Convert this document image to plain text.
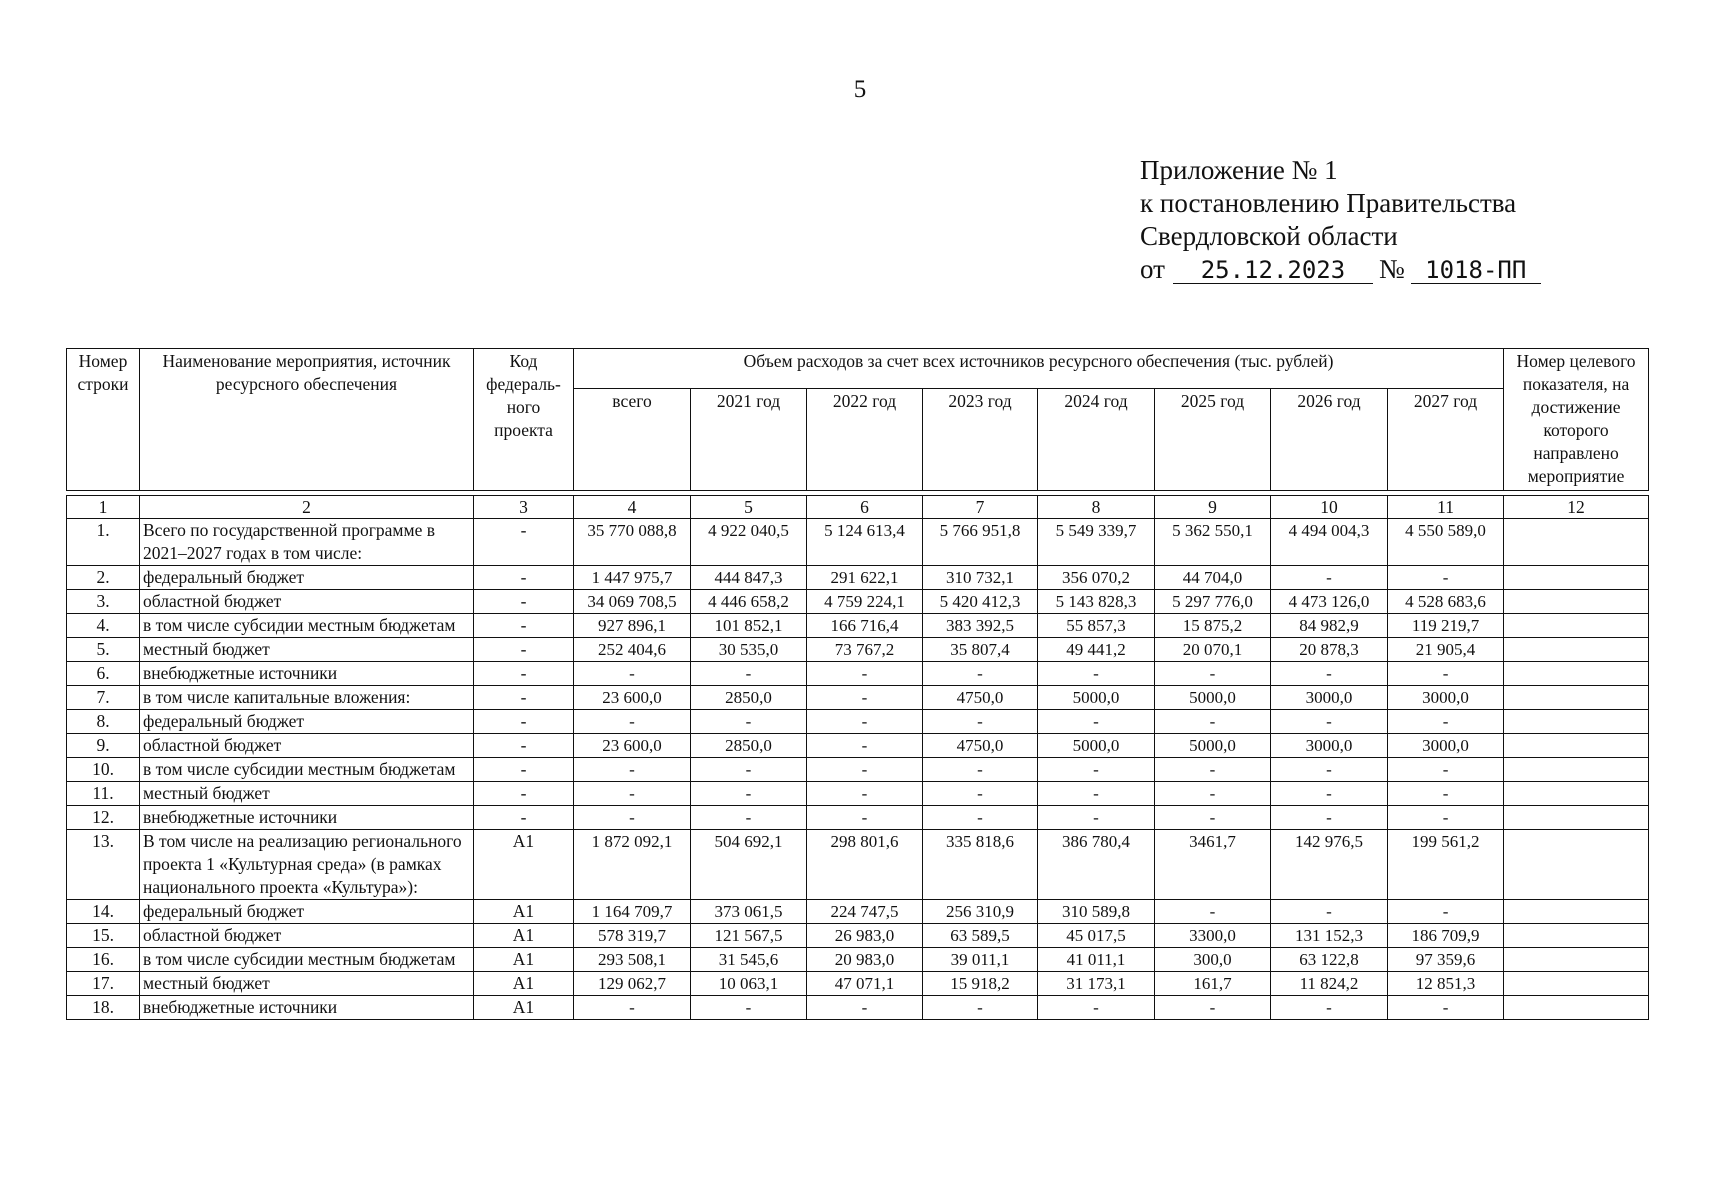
5
Приложение № 1
к постановлению Правительства
Свердловской области
от 25.12.2023 № 1018-ПП
Номер строки	Наименование мероприятия, источник ресурсного обеспечения	Код федераль-ного проекта	Объем расходов за счет всех источников ресурсного обеспечения (тыс. рублей)								Номер целевого показателя, на достижение которого направлено мероприятие
			всего	2021 год	2022 год	2023 год	2024 год	2025 год	2026 год	2027 год	

1	2	3	4	5	6	7	8	9	10	11	12
1.	Всего по государственной программе в 2021–2027 годах в том числе:	-	35 770 088,8	4 922 040,5	5 124 613,4	5 766 951,8	5 549 339,7	5 362 550,1	4 494 004,3	4 550 589,0	
2.	федеральный бюджет	-	1 447 975,7	444 847,3	291 622,1	310 732,1	356 070,2	44 704,0	-	-	
3.	областной бюджет	-	34 069 708,5	4 446 658,2	4 759 224,1	5 420 412,3	5 143 828,3	5 297 776,0	4 473 126,0	4 528 683,6	
4.	в том числе субсидии местным бюджетам	-	927 896,1	101 852,1	166 716,4	383 392,5	55 857,3	15 875,2	84 982,9	119 219,7	
5.	местный бюджет	-	252 404,6	30 535,0	73 767,2	35 807,4	49 441,2	20 070,1	20 878,3	21 905,4	
6.	внебюджетные источники	-	-	-	-	-	-	-	-	-	
7.	в том числе капитальные вложения:	-	23 600,0	2850,0	-	4750,0	5000,0	5000,0	3000,0	3000,0	
8.	федеральный бюджет	-	-	-	-	-	-	-	-	-	
9.	областной бюджет	-	23 600,0	2850,0	-	4750,0	5000,0	5000,0	3000,0	3000,0	
10.	в том числе субсидии местным бюджетам	-	-	-	-	-	-	-	-	-	
11.	местный бюджет	-	-	-	-	-	-	-	-	-	
12.	внебюджетные источники	-	-	-	-	-	-	-	-	-	
13.	В том числе на реализацию регионального проекта 1 «Культурная среда» (в рамках национального проекта «Культура»):	А1	1 872 092,1	504 692,1	298 801,6	335 818,6	386 780,4	3461,7	142 976,5	199 561,2	
14.	федеральный бюджет	А1	1 164 709,7	373 061,5	224 747,5	256 310,9	310 589,8	-	-	-	
15.	областной бюджет	А1	578 319,7	121 567,5	26 983,0	63 589,5	45 017,5	3300,0	131 152,3	186 709,9	
16.	в том числе субсидии местным бюджетам	А1	293 508,1	31 545,6	20 983,0	39 011,1	41 011,1	300,0	63 122,8	97 359,6	
17.	местный бюджет	А1	129 062,7	10 063,1	47 071,1	15 918,2	31 173,1	161,7	11 824,2	12 851,3	
18.	внебюджетные источники	А1	-	-	-	-	-	-	-	-	
